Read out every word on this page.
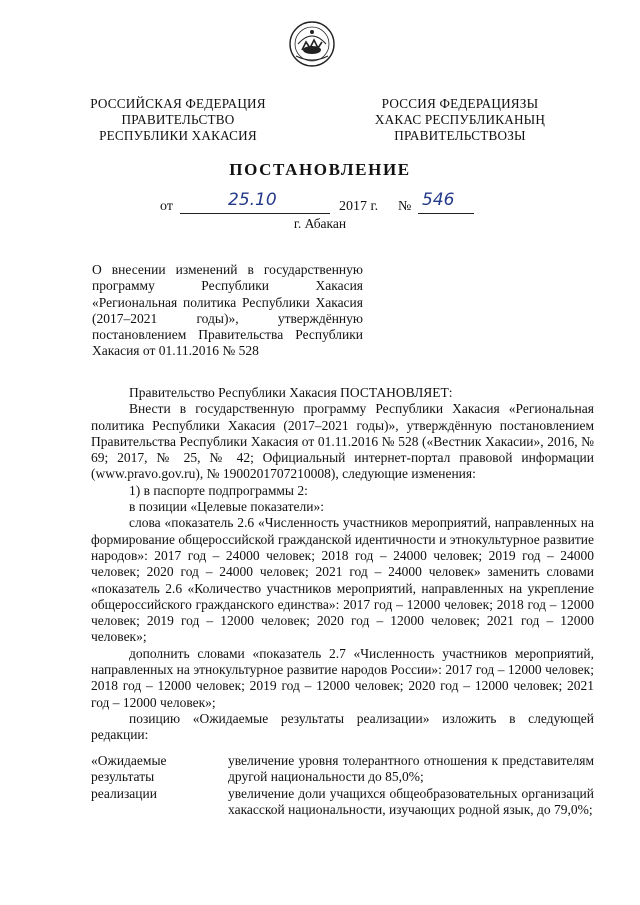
РОССИЙСКАЯ ФЕДЕРАЦИЯ
ПРАВИТЕЛЬСТВО
РЕСПУБЛИКИ ХАКАСИЯ
РОССИЯ ФЕДЕРАЦИЯЗЫ
ХАКАС РЕСПУБЛИКАНЫҢ
ПРАВИТЕЛЬСТВОЗЫ
ПОСТАНОВЛЕНИЕ
от	25.10	2017 г. № 546
г. Абакан
О внесении изменений в государственную
программу Республики Хакасия
«Региональная политика Республики Хакасия
(2017–2021 годы)», утверждённую
постановлением Правительства Республики
Хакасия от 01.11.2016 № 528

Правительство Республики Хакасия ПОСТАНОВЛЯЕТ:

Внести в государственную программу Республики Хакасия «Региональная политика Республики Хакасия (2017–2021 годы)», утверждённую постановлением Правительства Республики Хакасия от 01.11.2016 № 528 («Вестник Хакасии», 2016, № 69; 2017, № 25, № 42; Официальный интернет-портал правовой информации (www.pravo.gov.ru), № 1900201707210008), следующие изменения:

1) в паспорте подпрограммы 2:

в позиции «Целевые показатели»:

слова «показатель 2.6 «Численность участников мероприятий, направленных на формирование общероссийской гражданской идентичности и этнокультурное развитие народов»: 2017 год – 24000 человек; 2018 год – 24000 человек; 2019 год – 24000 человек; 2020 год – 24000 человек; 2021 год – 24000 человек» заменить словами «показатель 2.6 «Количество участников мероприятий, направленных на укрепление общероссийского гражданского единства»: 2017 год – 12000 человек; 2018 год – 12000 человек; 2019 год – 12000 человек; 2020 год – 12000 человек; 2021 год – 12000 человек»;

дополнить словами «показатель 2.7 «Численность участников мероприятий, направленных на этнокультурное развитие народов России»: 2017 год – 12000 человек; 2018 год – 12000 человек; 2019 год – 12000 человек; 2020 год – 12000 человек; 2021 год – 12000 человек»;

позицию «Ожидаемые результаты реализации» изложить в следующей редакции:

«Ожидаемые
результаты
реализации

увеличение уровня толерантного отношения к представителям другой национальности до 85,0%;

увеличение доли учащихся общеобразовательных организаций хакасской национальности, изучающих родной язык, до 79,0%;
